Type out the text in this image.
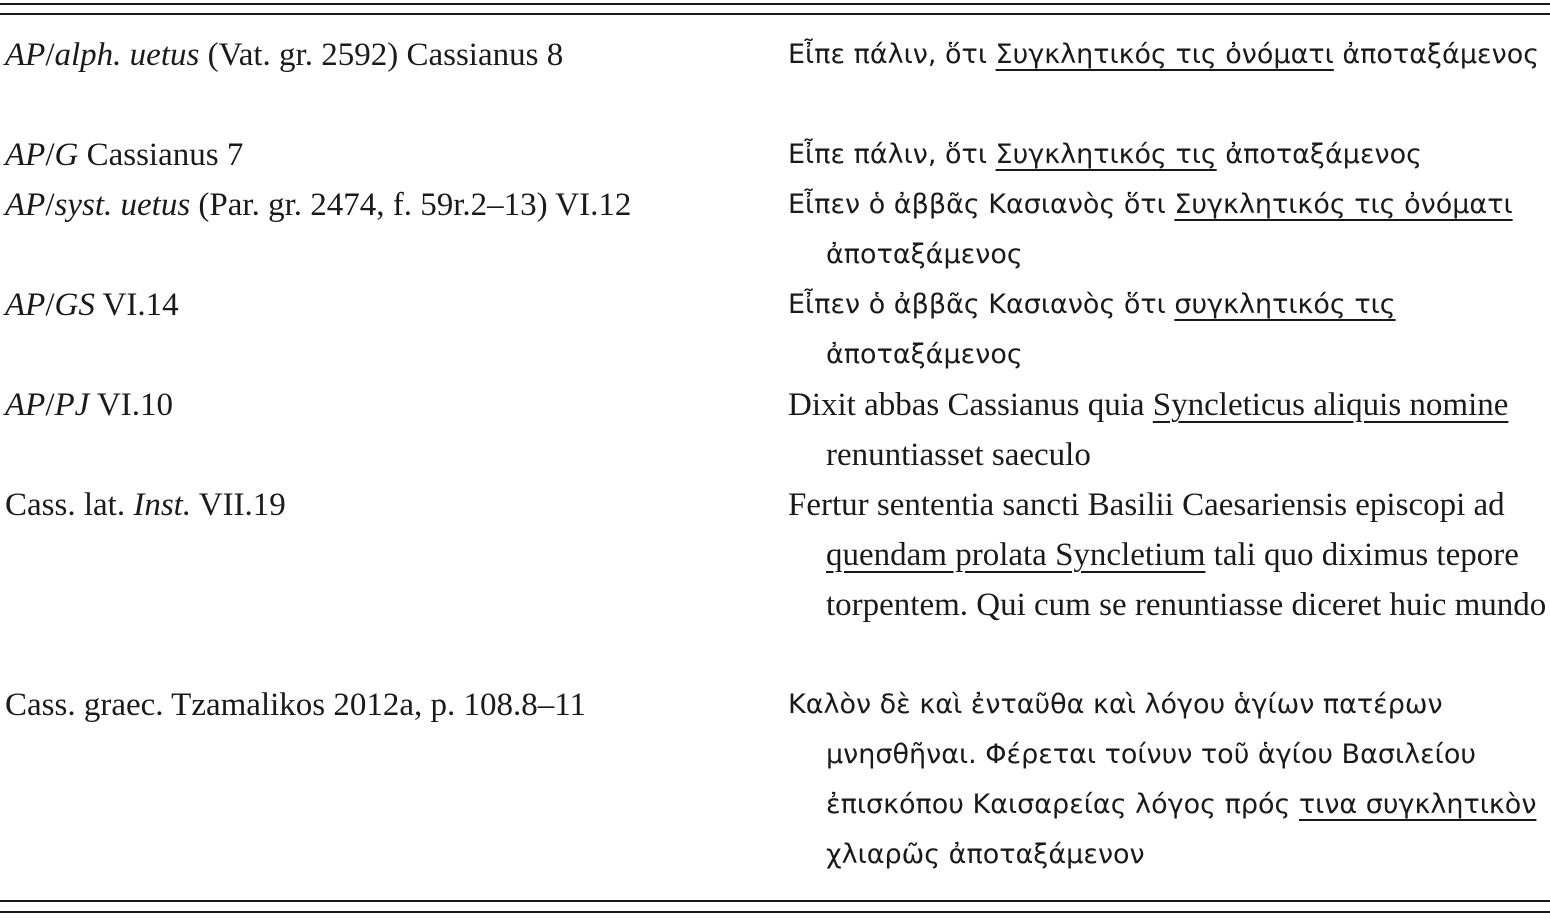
AP/alph. uetus (Vat. gr. 2592) Cassianus 8	Εἶπε πάλιν, ὅτι Συγκλητικός τις ὀνόματι ἀποταξάμενος
AP/G Cassianus 7	Εἶπε πάλιν, ὅτι Συγκλητικός τις ἀποταξάμενος
AP/syst. uetus (Par. gr. 2474, f. 59r.2–13) VI.12	Εἶπεν ὁ ἀββᾶς Κασιανὸς ὅτι Συγκλητικός τις ὀνόματι ἀποταξάμενος
AP/GS VI.14	Εἶπεν ὁ ἀββᾶς Κασιανὸς ὅτι συγκλητικός τις ἀποταξάμενος
AP/PJ VI.10	Dixit abbas Cassianus quia Syncleticus aliquis nomine renuntiasset saeculo
Cass. lat. Inst. VII.19	Fertur sententia sancti Basilii Caesariensis episcopi ad quendam prolata Syncletium tali quo diximus tepore torpentem. Qui cum se renuntiasse diceret huic mundo
Cass. graec. Tzamalikos 2012a, p. 108.8–11	Καλὸν δὲ καὶ ἐνταῦθα καὶ λόγου ἁγίων πατέρων μνησθῆναι. Φέρεται τοίνυν τοῦ ἁγίου Βασιλείου ἐπισκόπου Καισαρείας λόγος πρός τινα συγκλητικὸν χλιαρῶς ἀποταξάμενον
